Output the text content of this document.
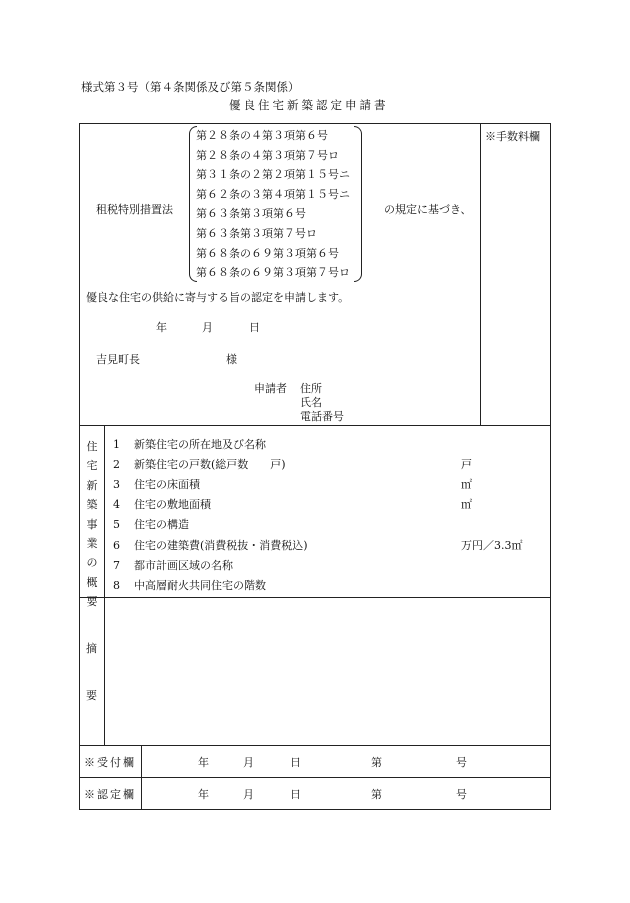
様式第３号（第４条関係及び第５条関係）
優良住宅新築認定申請書
※手数料欄
租税特別措置法
第２８条の４第３項第６号
第２８条の４第３項第７号ロ
第３１条の２第２項第１５号ニ
第６２条の３第４項第１５号ニ
第６３条第３項第６号
第６３条第３項第７号ロ
第６８条の６９第３項第６号
第６８条の６９第３項第７号ロ
の規定に基づき、
優良な住宅の供給に寄与する旨の認定を申請します。
年	月	日
吉見町長	様
申請者 住所
氏名
電話番号
住宅新築事業の概要
1 新築住宅の所在地及び名称
2 新築住宅の戸数(総戸数　　戸)	戸
3 住宅の床面積	㎡
4 住宅の敷地面積	㎡
5 住宅の構造
6 住宅の建築費(消費税抜・消費税込)	万円／3.3㎡
7 都市計画区域の名称
8 中高層耐火共同住宅の階数
摘
要
※受付欄	年	月	日	第	号
※認定欄	年	月	日	第	号
